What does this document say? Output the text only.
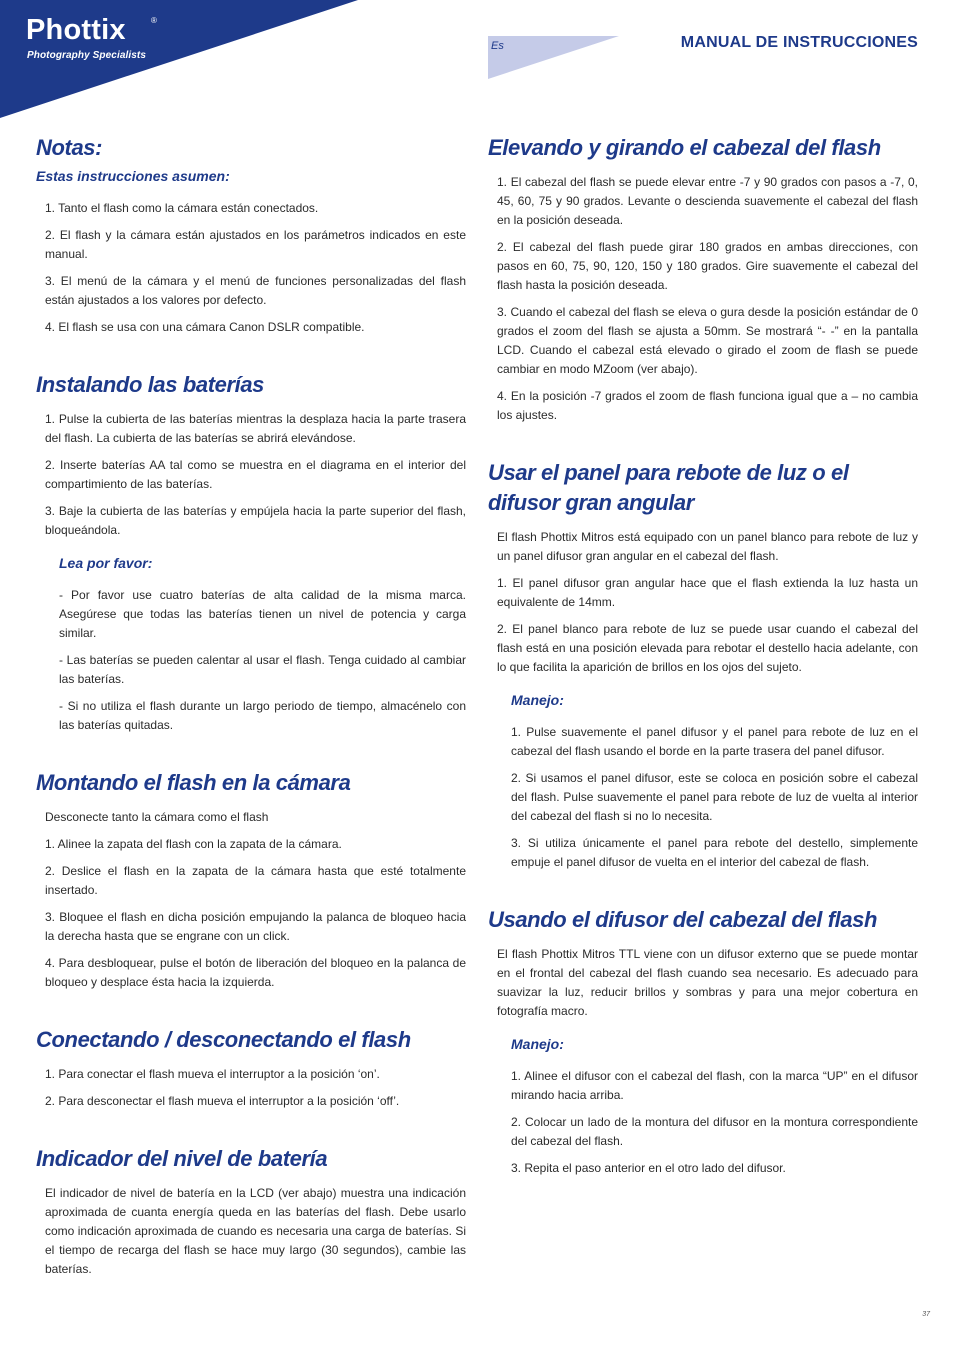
Phottix	®
Photography Specialists
Es	MANUAL DE INSTRUCCIONES
Notas:
Estas instrucciones asumen:

1. Tanto el flash como la cámara están conectados.

2. El flash y la cámara están ajustados en los parámetros indicados en este manual.

3. El menú de la cámara y el menú de funciones personalizadas del flash están ajustados a los valores por defecto.

4. El flash se usa con una cámara Canon DSLR compatible.

Instalando las baterías

1. Pulse la cubierta de las baterías mientras la desplaza hacia la parte trasera del flash. La cubierta de las baterías se abrirá elevándose.

2. Inserte baterías AA tal como se muestra en el diagrama en el interior del compartimiento de las baterías.

3. Baje la cubierta de las baterías y empújela hacia la parte superior del flash, bloqueándola.

Lea por favor:

- Por favor use cuatro baterías de alta calidad de la misma marca. Asegúrese que todas las baterías tienen un nivel de potencia y carga similar.

- Las baterías se pueden calentar al usar el flash. Tenga cuidado al cambiar las baterías.

- Si no utiliza el flash durante un largo periodo de tiempo, almacénelo con las baterías quitadas.

Montando el flash en la cámara

Desconecte tanto la cámara como el flash

1. Alinee la zapata del flash con la zapata de la cámara.

2. Deslice el flash en la zapata de la cámara hasta que esté totalmente insertado.

3. Bloquee el flash en dicha posición empujando la palanca de bloqueo hacia la derecha hasta que se engrane con un click.

4. Para desbloquear, pulse el botón de liberación del bloqueo en la palanca de bloqueo y desplace ésta hacia la izquierda.

Conectando / desconectando el flash

1. Para conectar el flash mueva el interruptor a la posición ‘on’.

2. Para desconectar el flash mueva el interruptor a la posición ‘off’.

Indicador del nivel de batería

El indicador de nivel de batería en la LCD (ver abajo) muestra una indicación aproximada de cuanta energía queda en las baterías del flash. Debe usarlo como indicación aproximada de cuando es necesaria una carga de baterías. Si el tiempo de recarga del flash se hace muy largo (30 segundos), cambie las baterías.

Elevando y girando el cabezal del flash

1. El cabezal del flash se puede elevar entre -7 y 90 grados con pasos a -7, 0, 45, 60, 75 y 90 grados. Levante o descienda suavemente el cabezal del flash en la posición deseada.

2. El cabezal del flash puede girar 180 grados en ambas direcciones, con pasos en 60, 75, 90, 120, 150 y 180 grados. Gire suavemente el cabezal del flash hasta la posición deseada.

3. Cuando el cabezal del flash se eleva o gura desde la posición estándar de 0 grados el zoom del flash se ajusta a 50mm. Se mostrará “- -” en la pantalla LCD. Cuando el cabezal está elevado o girado el zoom de flash se puede cambiar en modo MZoom (ver abajo).

4. En la posición -7 grados el zoom de flash funciona igual que a – no cambia los ajustes.

Usar el panel para rebote de luz o el difusor gran angular

El flash Phottix Mitros está equipado con un panel blanco para rebote de luz y un panel difusor gran angular en el cabezal del flash.

1. El panel difusor gran angular hace que el flash extienda la luz hasta un equivalente de 14mm.

2. El panel blanco para rebote de luz se puede usar cuando el cabezal del flash está en una posición elevada para rebotar el destello hacia adelante, con lo que facilita la aparición de brillos en los ojos del sujeto.

Manejo:

1. Pulse suavemente el panel difusor y el panel para rebote de luz en el cabezal del flash usando el borde en la parte trasera del panel difusor.

2. Si usamos el panel difusor, este se coloca en posición sobre el cabezal del flash. Pulse suavemente el panel para rebote de luz de vuelta al interior del cabezal del flash si no lo necesita.

3. Si utiliza únicamente el panel para rebote del destello, simplemente empuje el panel difusor de vuelta en el interior del cabezal de flash.

Usando el difusor del cabezal del flash

El flash Phottix Mitros TTL viene con un difusor externo que se puede montar en el frontal del cabezal del flash cuando sea necesario. Es adecuado para suavizar la luz, reducir brillos y sombras y para una mejor cobertura en fotografía macro.

Manejo:

1. Alinee el difusor con el cabezal del flash, con la marca “UP” en el difusor mirando hacia arriba.

2. Colocar un lado de la montura del difusor en la montura correspondiente del cabezal del flash.

3. Repita el paso anterior en el otro lado del difusor.

37
